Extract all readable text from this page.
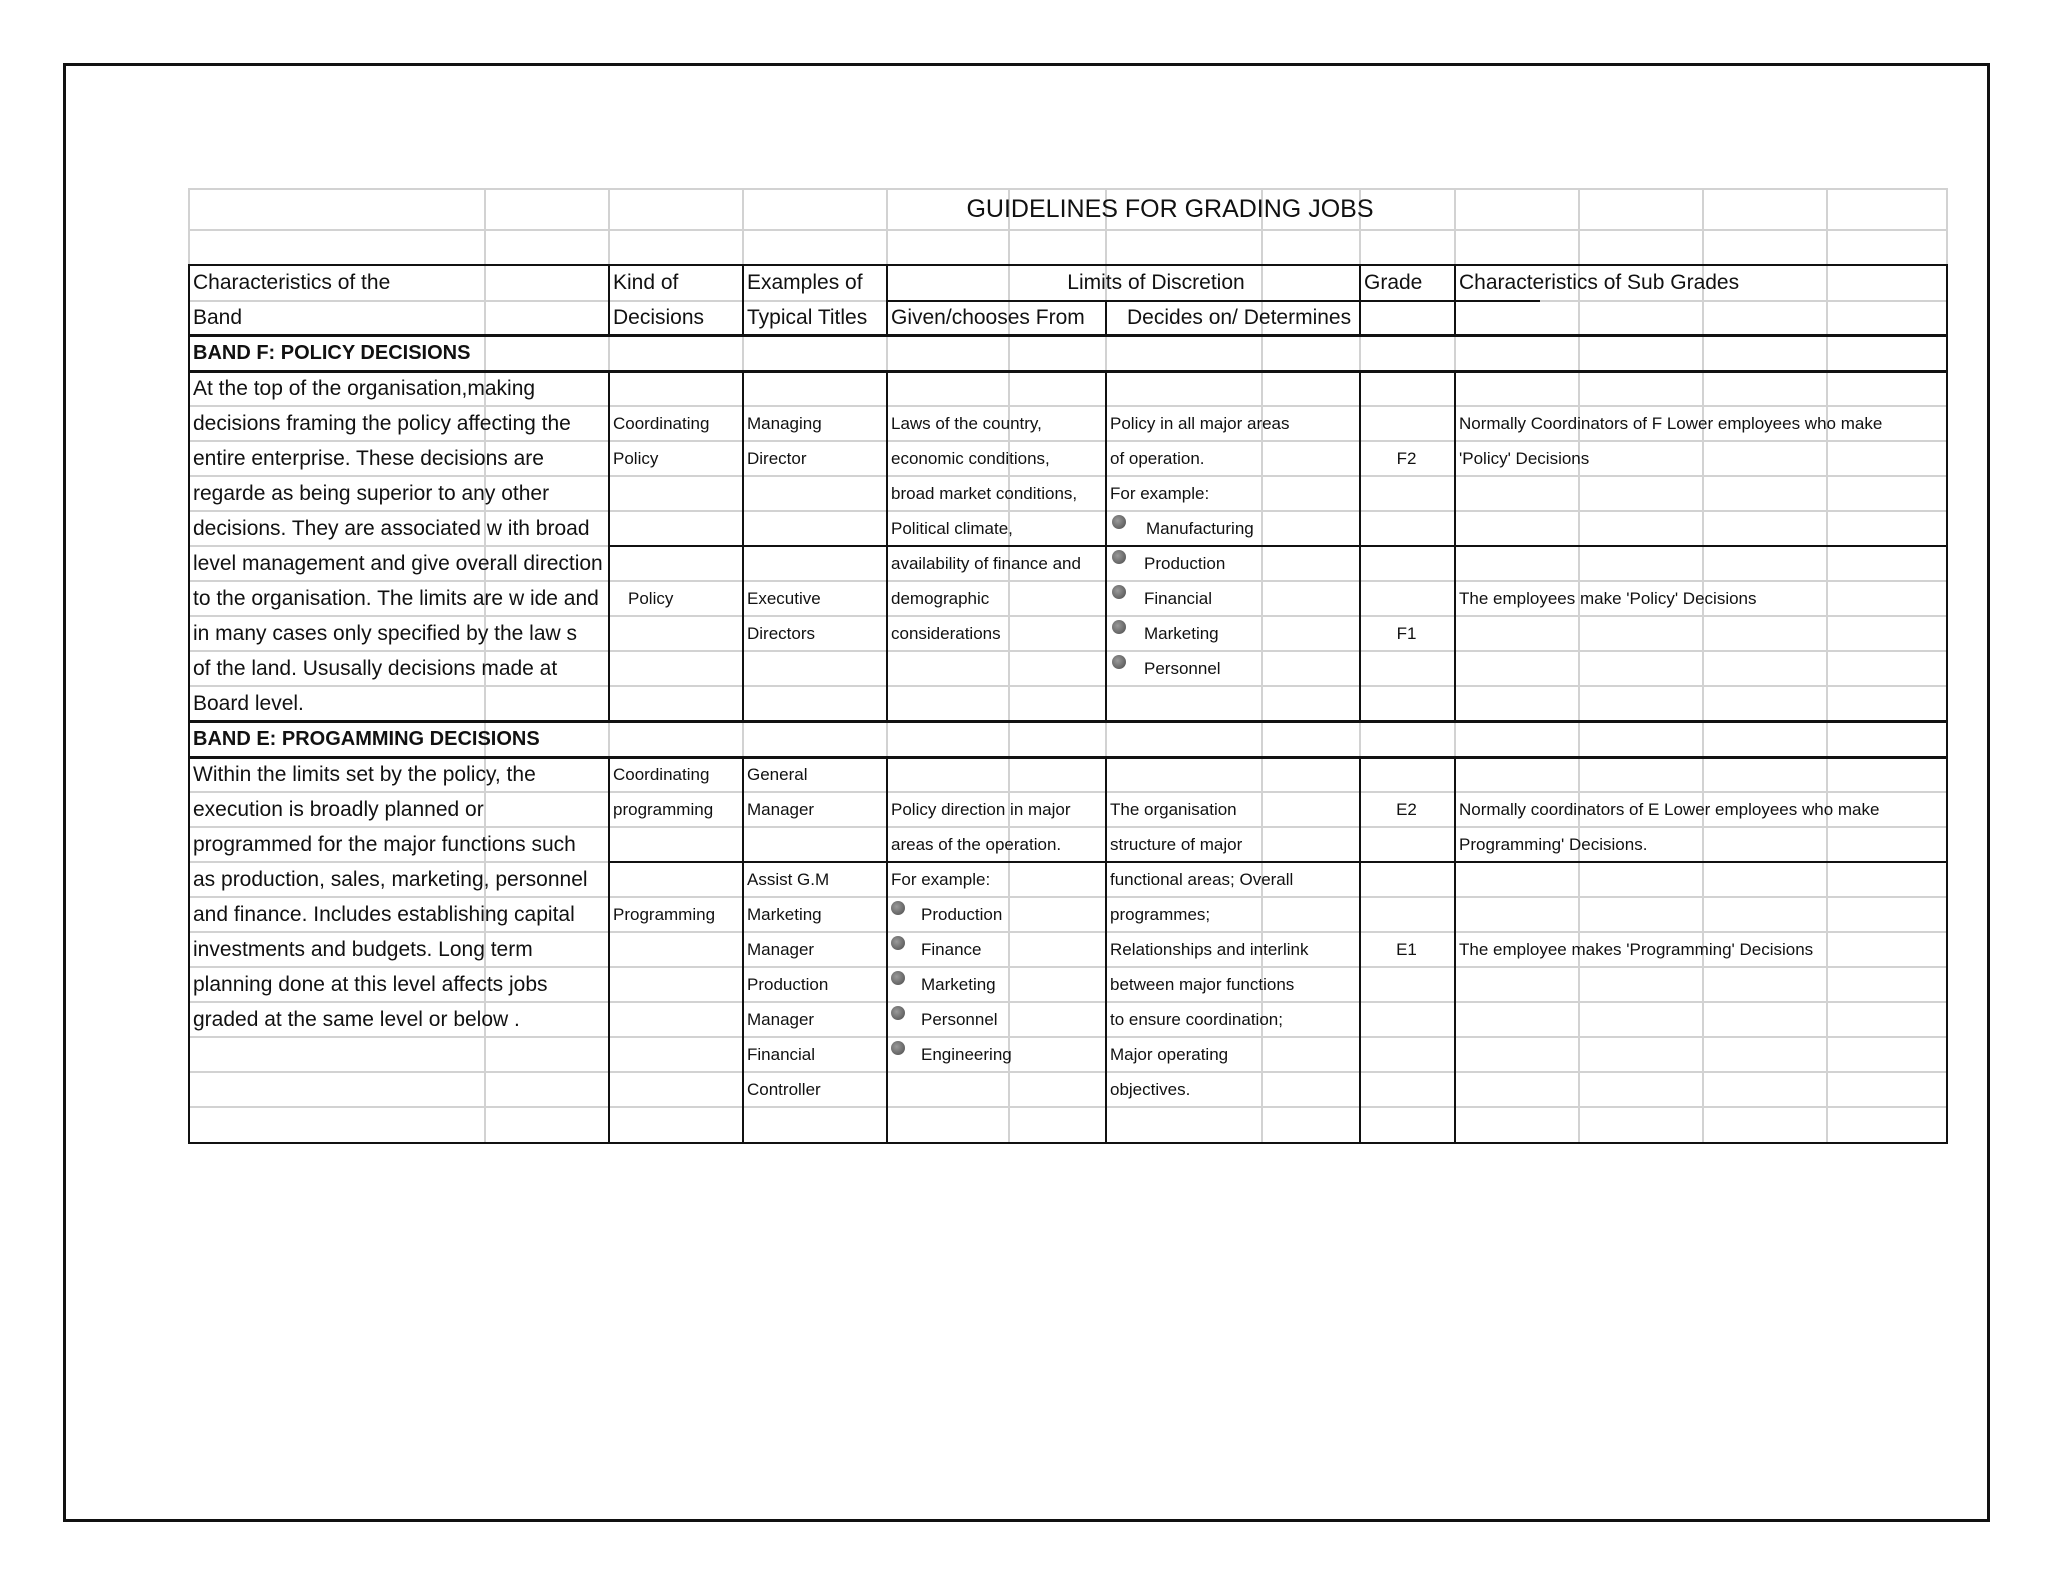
GUIDELINES FOR GRADING JOBS
Characteristics of the
Band
Kind of
Decisions
Examples of
Typical Titles
Limits of Discretion
Given/chooses From Decides on/ Determines
Grade Characteristics of Sub Grades
BAND F: POLICY DECISIONS
At the top of the organisation,making
decisions framing the policy affecting the
entire enterprise. These decisions are
regarde as being superior to any other
decisions. They are associated w ith broad
level management and give overall direction
to the organisation. The limits are w ide and
in many cases only specified by the law s
of the land. Ususally decisions made at
Board level.
Coordinating
Policy
Policy
Managing
Director
Executive
Directors
Laws of the country,
economic conditions,
broad market conditions,
Political climate,
availability of finance and
demographic
considerations
Policy in all major areas
of operation.
For example:
Manufacturing
Production
Financial
Marketing
Personnel
F2
F1
Normally Coordinators of F Lower employees who make
'Policy' Decisions
The employees make 'Policy' Decisions
BAND E: PROGAMMING DECISIONS
Within the limits set by the policy, the
execution is broadly planned or
programmed for the major functions such
as production, sales, marketing, personnel
and finance. Includes establishing capital
investments and budgets. Long term
planning done at this level affects jobs
graded at the same level or below .
Coordinating
programming
Programming
General
Manager
Assist G.M
Marketing
Manager
Production
Manager
Financial
Controller
Policy direction in major
areas of the operation.
For example:
Production
Finance
Marketing
Personnel
Engineering
The organisation
structure of major
functional areas; Overall
programmes;
Relationships and interlink
between major functions
to ensure coordination;
Major operating
objectives.
E2
E1
Normally coordinators of E Lower employees who make
Programming' Decisions.
The employee makes 'Programming' Decisions
